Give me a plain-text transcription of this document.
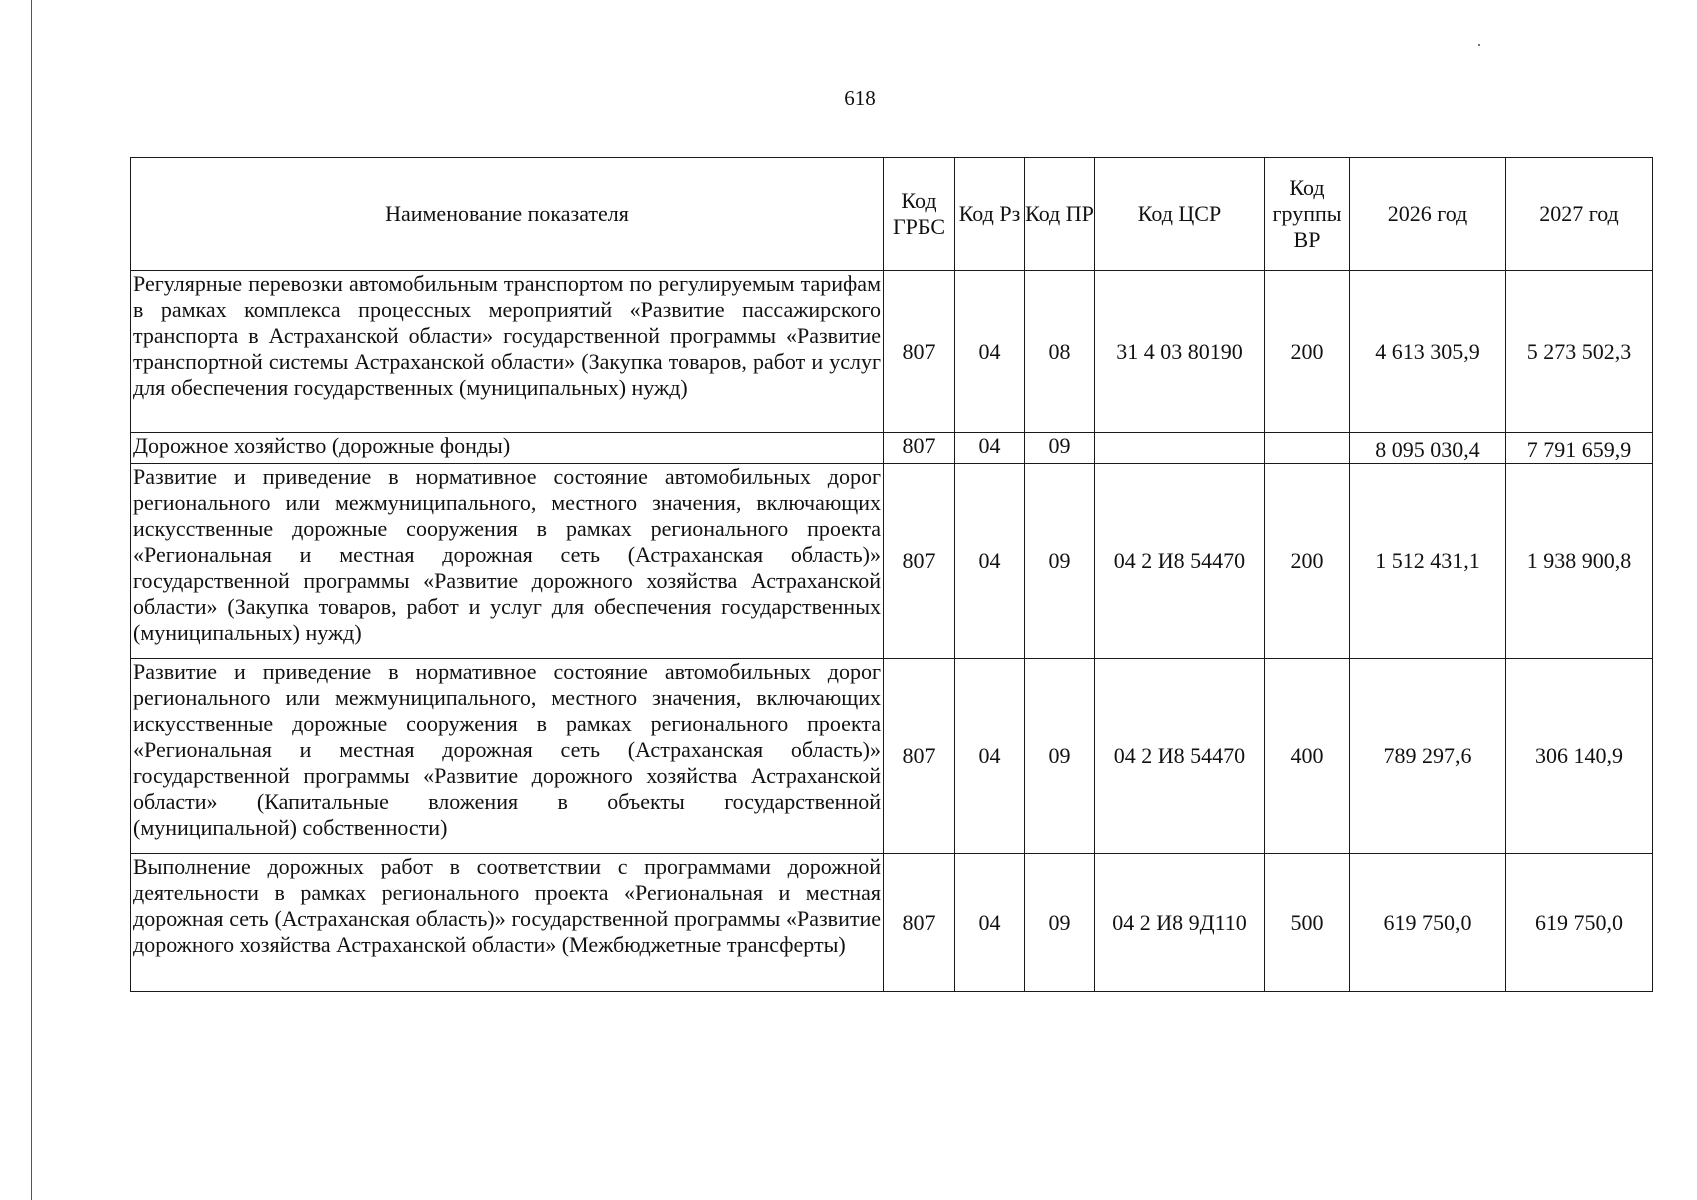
618
Наименование показателя	Код ГРБС	Код Рз	Код ПР	Код ЦСР	Код группы ВР	2026 год	2027 год
Регулярные перевозки автомобильным транспортом по регулируемым тарифам в рамках комплекса процессных мероприятий «Развитие пассажирского транспорта в Астраханской области» государственной программы «Развитие транспортной системы Астраханской области» (Закупка товаров, работ и услуг для обеспечения государственных (муниципальных) нужд)	807	04	08	31 4 03 80190	200	4 613 305,9	5 273 502,3
Дорожное хозяйство (дорожные фонды)	807	04	09			8 095 030,4	7 791 659,9
Развитие и приведение в нормативное состояние автомобильных дорог регионального или межмуниципального, местного значения, включающих искусственные дорожные сооружения в рамках регионального проекта «Региональная и местная дорожная сеть (Астраханская область)» государственной программы «Развитие дорожного хозяйства Астраханской области» (Закупка товаров, работ и услуг для обеспечения государственных (муниципальных) нужд)	807	04	09	04 2 И8 54470	200	1 512 431,1	1 938 900,8
Развитие и приведение в нормативное состояние автомобильных дорог регионального или межмуниципального, местного значения, включающих искусственные дорожные сооружения в рамках регионального проекта «Региональная и местная дорожная сеть (Астраханская область)» государственной программы «Развитие дорожного хозяйства Астраханской области» (Капитальные вложения в объекты государственной (муниципальной) собственности)	807	04	09	04 2 И8 54470	400	789 297,6	306 140,9
Выполнение дорожных работ в соответствии с программами дорожной деятельности в рамках регионального проекта «Региональная и местная дорожная сеть (Астраханская область)» государственной программы «Развитие дорожного хозяйства Астраханской области» (Межбюджетные трансферты)	807	04	09	04 2 И8 9Д110	500	619 750,0	619 750,0
